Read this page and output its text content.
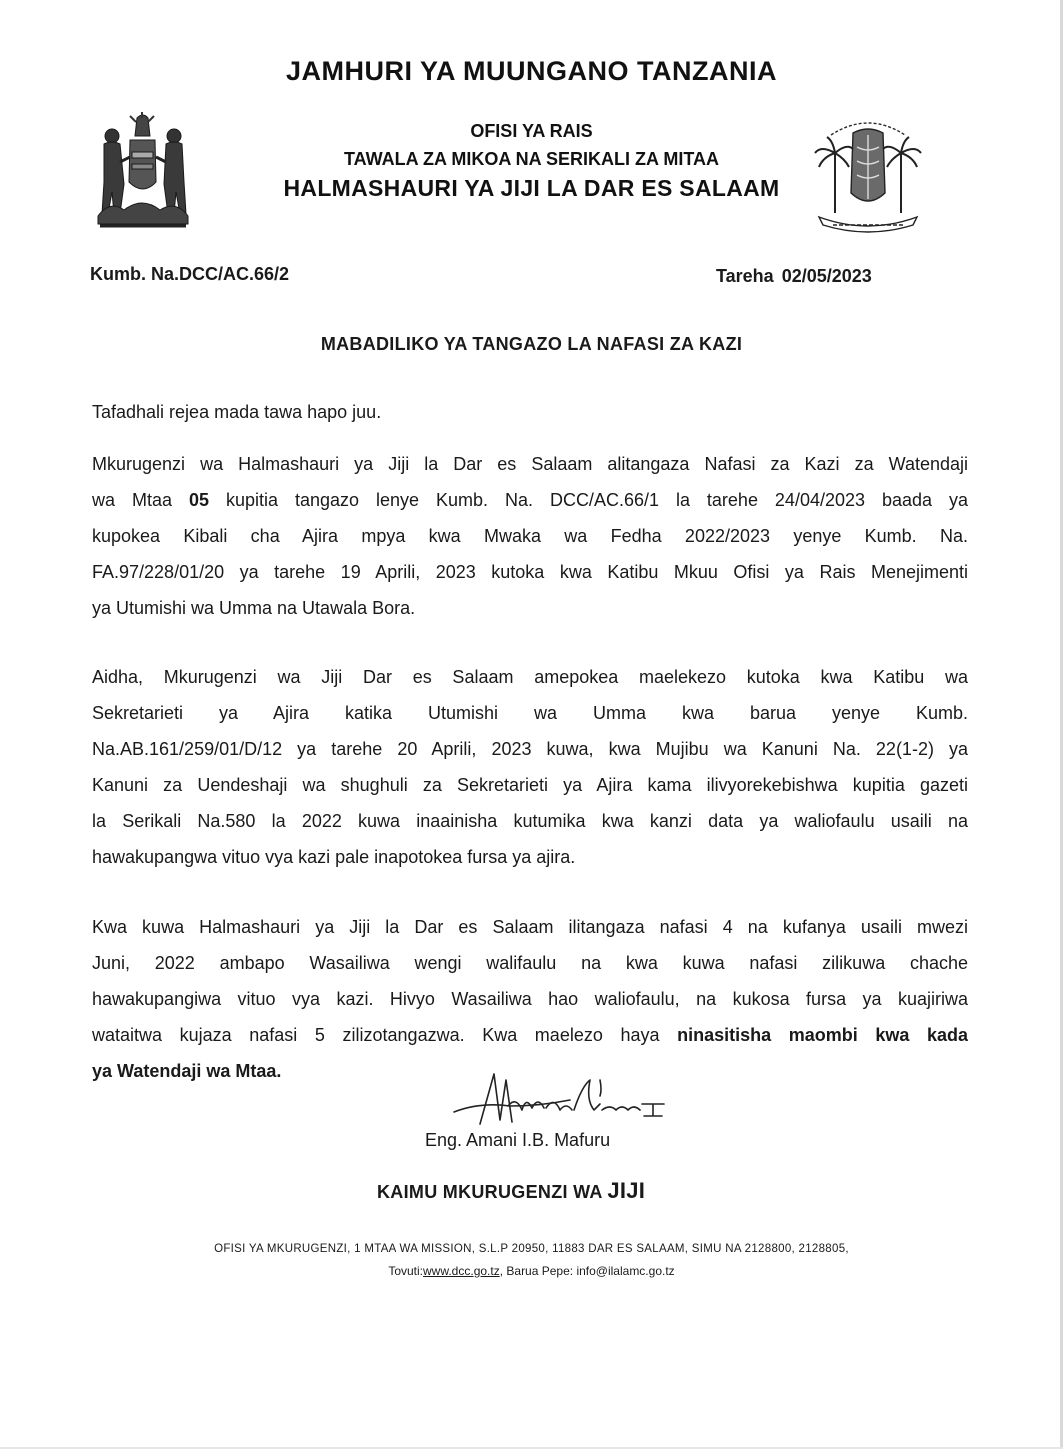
JAMHURI YA MUUNGANO TANZANIA
OFISI YA RAIS
TAWALA ZA MIKOA NA SERIKALI ZA MITAA
HALMASHAURI YA JIJI LA DAR ES SALAAM
Kumb. Na.DCC/AC.66/2	Tareha 02/05/2023
MABADILIKO YA TANGAZO LA NAFASI ZA KAZI
Tafadhali rejea mada tawa hapo juu.
Mkurugenzi wa Halmashauri ya Jiji la Dar es Salaam alitangaza Nafasi za Kazi za Watendaji
wa Mtaa 05 kupitia tangazo lenye Kumb. Na. DCC/AC.66/1 la tarehe 24/04/2023 baada ya
kupokea Kibali cha Ajira mpya kwa Mwaka wa Fedha 2022/2023 yenye Kumb. Na.
FA.97/228/01/20 ya tarehe 19 Aprili, 2023 kutoka kwa Katibu Mkuu Ofisi ya Rais Menejimenti
ya Utumishi wa Umma na Utawala Bora.
Aidha, Mkurugenzi wa Jiji Dar es Salaam amepokea maelekezo kutoka kwa Katibu wa
Sekretarieti ya Ajira katika Utumishi wa Umma kwa barua yenye Kumb.
Na.AB.161/259/01/D/12 ya tarehe 20 Aprili, 2023 kuwa, kwa Mujibu wa Kanuni Na. 22(1-2) ya
Kanuni za Uendeshaji wa shughuli za Sekretarieti ya Ajira kama ilivyorekebishwa kupitia gazeti
la Serikali Na.580 la 2022 kuwa inaainisha kutumika kwa kanzi data ya waliofaulu usaili na
hawakupangwa vituo vya kazi pale inapotokea fursa ya ajira.
Kwa kuwa Halmashauri ya Jiji la Dar es Salaam ilitangaza nafasi 4 na kufanya usaili mwezi
Juni, 2022 ambapo Wasailiwa wengi walifaulu na kwa kuwa nafasi zilikuwa chache
hawakupangiwa vituo vya kazi. Hivyo Wasailiwa hao waliofaulu, na kukosa fursa ya kuajiriwa
wataitwa kujaza nafasi 5 zilizotangazwa. Kwa maelezo haya ninasitisha maombi kwa kada
ya Watendaji wa Mtaa.
Eng. Amani I.B. Mafuru
KAIMU MKURUGENZI WA JIJI
OFISI YA MKURUGENZI, 1 MTAA WA MISSION, S.L.P 20950, 11883 DAR ES SALAAM, SIMU NA 2128800, 2128805,
Tovuti:www.dcc.go.tz, Barua Pepe: info@ilalamc.go.tz
